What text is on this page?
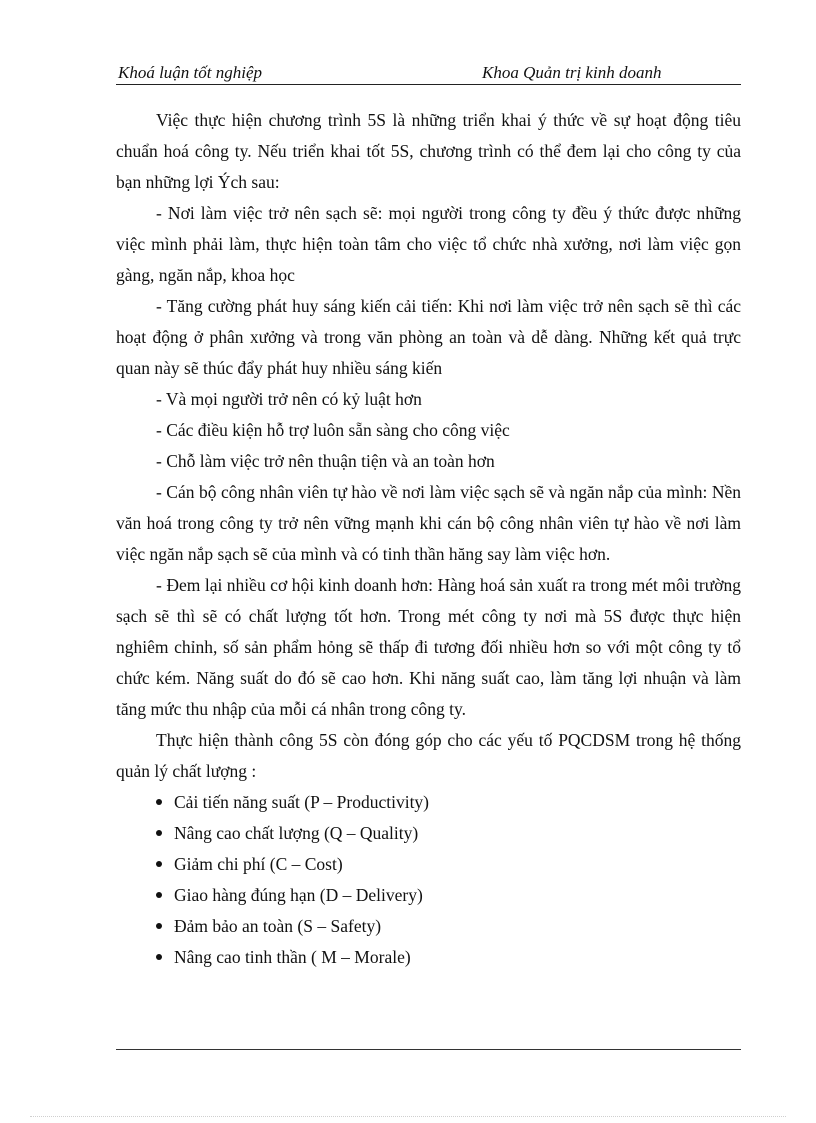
Khoá luận tốt nghiệp	Khoa Quản trị kinh doanh

Việc thực hiện chương trình 5S là những triển khai ý thức về sự hoạt động tiêu chuẩn hoá công ty. Nếu triển khai tốt 5S, chương trình có thể đem lại cho công ty của bạn những lợi Ých sau:

- Nơi làm việc trở nên sạch sẽ: mọi người trong công ty đều ý thức được những việc mình phải làm, thực hiện toàn tâm cho việc tổ chức nhà xưởng, nơi làm việc gọn gàng, ngăn nắp, khoa học

- Tăng cường phát huy sáng kiến cải tiến: Khi nơi làm việc trở nên sạch sẽ thì các hoạt động ở phân xưởng và trong văn phòng an toàn và dễ dàng. Những kết quả trực quan này sẽ thúc đẩy phát huy nhiều sáng kiến

- Và mọi người trở nên có kỷ luật hơn

- Các điều kiện hỗ trợ luôn sẵn sàng cho công việc

- Chỗ làm việc trở nên thuận tiện và an toàn hơn

- Cán bộ công nhân viên tự hào về nơi làm việc sạch sẽ và ngăn nắp của mình: Nền văn hoá trong công ty trở nên vững mạnh khi cán bộ công nhân viên tự hào về nơi làm việc ngăn nắp sạch sẽ của mình và có tinh thần hăng say làm việc hơn.

- Đem lại nhiều cơ hội kinh doanh hơn: Hàng hoá sản xuất ra trong mét môi trường sạch sẽ thì sẽ có chất lượng tốt hơn. Trong mét công ty nơi mà 5S được thực hiện nghiêm chỉnh, số sản phẩm hỏng sẽ thấp đi tương đối nhiều hơn so với một công ty tổ chức kém. Năng suất do đó sẽ cao hơn. Khi năng suất cao, làm tăng lợi nhuận và làm tăng mức thu nhập của mỗi cá nhân trong công ty.

Thực hiện thành công 5S còn đóng góp cho các yếu tố PQCDSM trong hệ thống quản lý chất lượng :

Cải tiến năng suất (P – Productivity)
Nâng cao chất lượng (Q – Quality)
Giảm chi phí (C – Cost)
Giao hàng đúng hạn (D – Delivery)
Đảm bảo an toàn (S – Safety)
Nâng cao tinh thần ( M – Morale)
